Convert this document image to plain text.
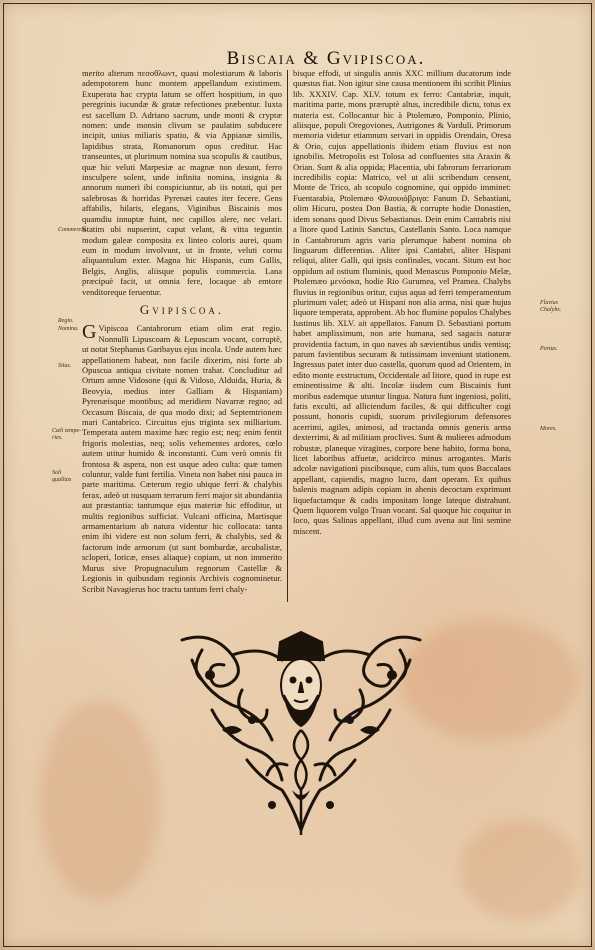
Biscaia & Gvipiscoa.

merito alterum πεσοθλωντ, quasi molestiarum & laboris adempotorem hunc montem appellandum existimem. Exuperata hac crypta latum se offert hospitium, in quo peregrinis iucundæ & gratæ refectiones præbentur. Iuxta est sacellum D. Adriano sacrum, unde monti & cryptæ nomen: unde monsin clivum se paulatim subducere incipit, unius miliaris spatio, & via Appianæ similis, lapidibus strata, Romanorum opus creditur. Hac transeuntes, ut plurimum nomina sua scopulis & cautibus, quæ hic veluti Marpesiæ ac magnæ non desunt, ferro insculpere solent, unde infinita nomina, insignia & annorum numeri ibi conspiciuntur, ab iis notati, qui per salebrosas & horridas Pyrenæi cautes iter fecere. Gens affabilis, hilaris, elegans, Viginibus Biscainis mos quamdiu innuptæ fuint, nec capillos alere, nec velari. Statim ubi nupserint, caput velant, & vitta teguntin modum galeæ composita ex linteo coloris aurei, quam eum in modum involvunt, ut in fronte, veluti cornu aliquantulum exter. Magna hic Hispanis, cum Gallis, Belgis, Anglis, aliisque populis commercia. Lana præcipuè facit, ut omnia fere, locaque ab emtore venditoreque feruentur.

Gvipiscoa.

G Vipiscoa Cantabrorum etiam olim erat regio. Nonnulli Lipuscoam & Lepuscam vocant, corruptè, ut notat Stephanus Garibayus ejus incola. Unde autem hæc appellationem habeat, non facile dixerim, nisi forte ab Opuscua antiqua civitate nomen trahat. Concluditur ad Ortum amne Vidosone (qui & Vidoso, Alduida, Huria, & Beovyia, medius inter Galliam & Hispaniam) Pyrenæisque montibus; ad meridiem Navarræ regno; ad Occasum Biscaia, de qua modo dixi; ad Septemtrionem mari Cantabrico. Circuitus ejus triginta sex milliarium. Temperata autem maxime hæc regio est; neq; enim fentit frigoris molestias, neq; solis vehementes ardores, cœlo autem utitur humido & inconstanti. Cum verò omnis fit frontosa & aspera, non est usque adeo culta: quæ tamen coluntur, valde funt fertilia. Vineta non habet nisi pauca in parte maritima. Cæterum regio ubique ferri & chalybis ferax, adeò ut nusquam terrarum ferri major sit abundantia aut præstantia: tantumque ejus materiæ hic effoditur, ut multis regionibus sufficiat. Vulcani officina, Martisque armamentarium ab natura videntur hic collocata: tanta enim ibi videre est non solum ferri, & chalybis, sed & factorum inde armorum (ut sunt bombardæ, arcubalistæ, scloperi, loricæ, enses aliaque) copiam, ut non immerito Murus sive Propugnaculum regnorum Castellæ & Legionis in quibusdam regionis Archivis cognominetur. Scribit Navagierus hoc tractu tantum ferri chaly-

bisque effodi, ut singulis annis XXC millium ducatorum inde quæstus fiat. Non igitur sine causa mentionem ibi scribit Plinius lib. XXXIV. Cap. XLV. totum ex ferro: Cantabriæ, inquit, maritima parte, mons præruptè altus, incredibile dictu, totus ex materia est. Collocantur hic à Ptolemæo, Pomponio, Plinio, aliisque, populi Oregoviones, Autrigones & Varduli. Primorum memoria videtur etiamnum servari in oppidis Orendain, Oresa & Orio, cujus appellationis ibidem etiam fluvius est non ignobilis. Metropolis est Tolosa ad confluentes sita Araxin & Orian. Sunt & alia oppida; Placentia, ubi fabrorum ferrariorum incredibilis copia: Matrico, vel ut alii scribendum censent, Monte de Trico, ab scopulo cognomine, qui oppido imminet: Fuentarabia, Ptolemæo Φλαουιόβριγα: Fanum D. Sebastiani, olim Hicuru, postea Don Bastia, & corrupte hodie Donastien, idem sonans quod Divus Sebastianus. Dein enim Cantabris nisi a litore quod Latinis Sanctus, Castellanis Santo. Loca namque in Cantabrorum agris varia plerumque habent nomina ob linguarum differentias. Aliter ipsi Cantabri, aliter Hispani reliqui, aliter Galli, qui ipsis confinales, vocant. Situm est hoc oppidum ad ostium fluminis, quod Menascus Pomponio Melæ, Ptolemæo μενόσκα, hodie Rio Gurumea, vel Pramea. Chalybs fluvius in regionibus oritur, cujus aqua ad ferri temperamentum plurimum valet; adeò ut Hispani non alia arma, nisi quæ hujus liquore temperata, approbent. Ab hoc flumine populos Chalybes Iustinus lib. XLV. ait appellatos. Fanum D. Sebastiani portum habet amplissimum, non arte humana, sed sagacis naturæ providentia factum, in quo naves ab sævientibus undis ventisq; parum favientibus securam & tutissimam inveniunt stationem. Ingressus patet inter duo castella, quorum quod ad Orientem, in edito monte exstructum, Occidentale ad litore, quod in rupe est eminentissime & alti. Incolæ iisdem cum Biscainis funt moribus eademque utuntur lingua. Natura funt ingeniosi, politi, fatis exculti, ad alliciendum faciles, & qui difficulter cogi possunt, honoris cupidi, suorum privilegiorum defensores acerrimi, agiles, animosi, ad tractanda omnis generis arma dexterrimi, & ad militiam proclives. Sunt & mulieres admodum robustæ, planeque viragines, corpore bene habito, forma bona, licet laboribus affuetæ, acidcirco minus arrogantes. Maris adcolæ navigationi piscibusque, cum aliis, tum quos Baccalaos appellant, capiendis, magno lucro, dant operam. Ex quibus balenis magnam adipis copiam in ahenis decoctam exprimunt liquefactamque & cadis impositam longe lateque distrahunt. Quem liquorem vulgo Traan vocant. Sal quoque hic coquitur in loco, quas Salinas appellant, illud cum avena aut lini semine miscent.

Commercia.
Regio.
Nomina.
Situs.
Cæli tempe-ries.
Soli qualitas
Fluvius Chalybs.
Portus.
Mores.
